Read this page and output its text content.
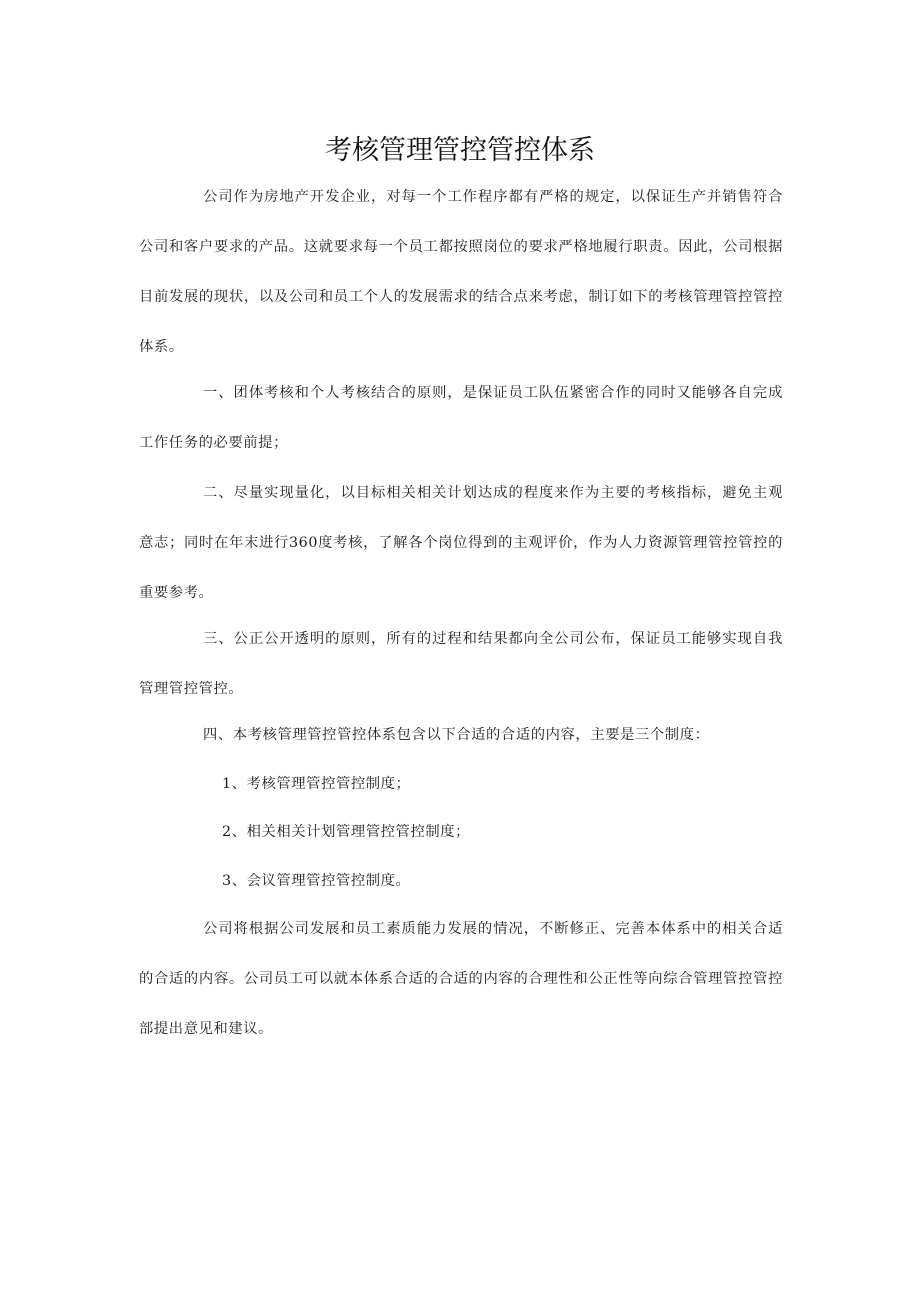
考核管理管控管控体系

公司作为房地产开发企业，对每一个工作程序都有严格的规定，以保证生产并销售符合公司和客户要求的产品。这就要求每一个员工都按照岗位的要求严格地履行职责。因此，公司根据目前发展的现状，以及公司和员工个人的发展需求的结合点来考虑，制订如下的考核管理管控管控体系。

一、团体考核和个人考核结合的原则，是保证员工队伍紧密合作的同时又能够各自完成工作任务的必要前提；

二、尽量实现量化，以目标相关相关计划达成的程度来作为主要的考核指标，避免主观意志；同时在年末进行360度考核，了解各个岗位得到的主观评价，作为人力资源管理管控管控的重要参考。

三、公正公开透明的原则，所有的过程和结果都向全公司公布，保证员工能够实现自我管理管控管控。

四、本考核管理管控管控体系包含以下合适的合适的内容，主要是三个制度：

1、考核管理管控管控制度；

2、相关相关计划管理管控管控制度；

3、会议管理管控管控制度。

公司将根据公司发展和员工素质能力发展的情况，不断修正、完善本体系中的相关合适的合适的内容。公司员工可以就本体系合适的合适的内容的合理性和公正性等向综合管理管控管控部提出意见和建议。
